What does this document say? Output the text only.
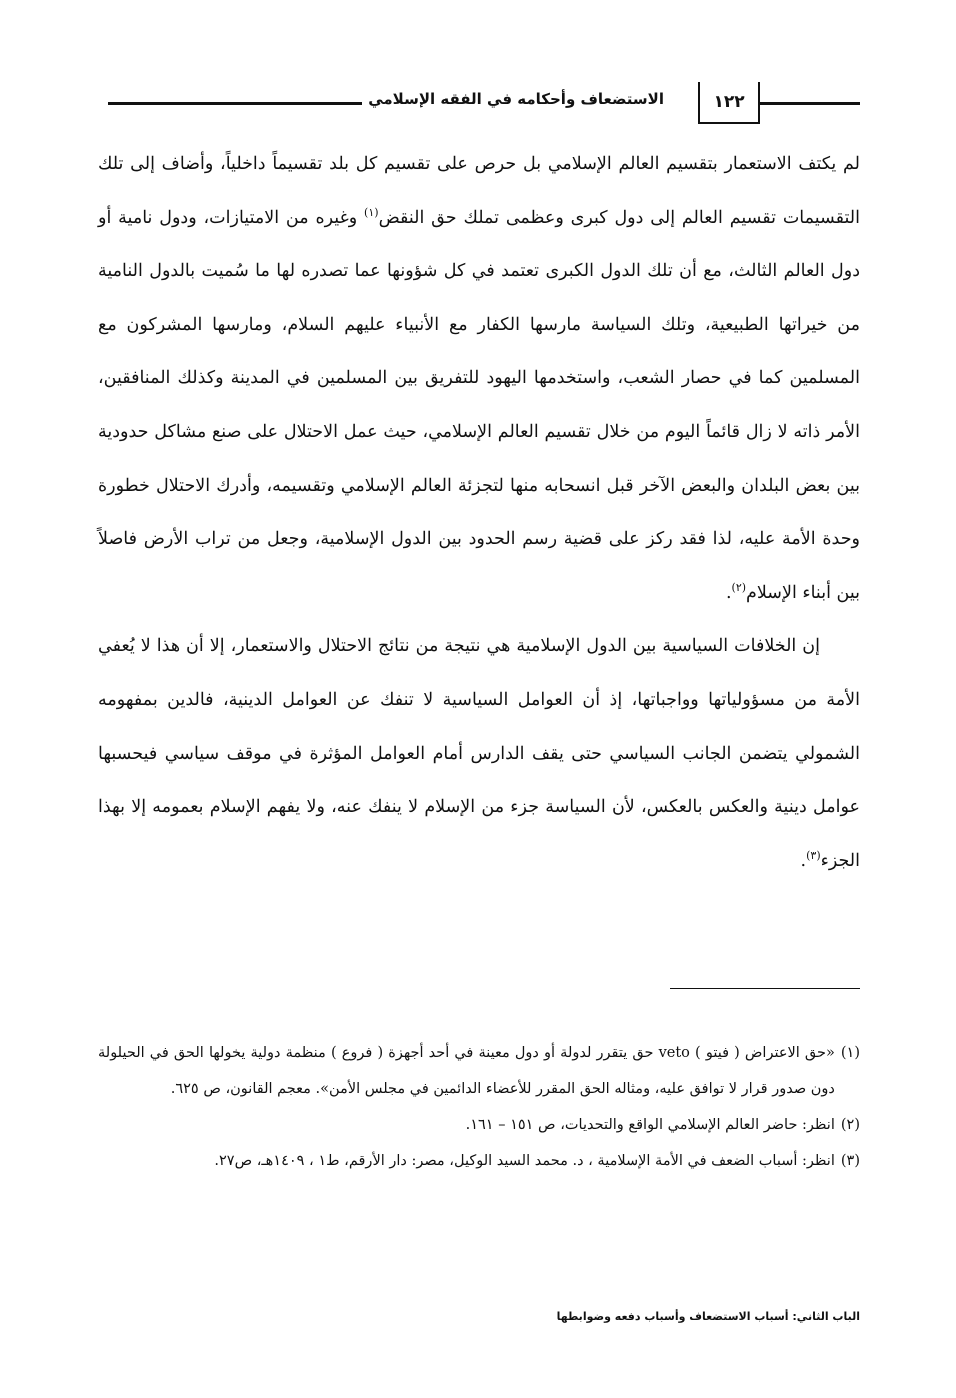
الاستضعاف وأحكامه في الفقه الإسلامي	١٢٢

لم يكتف الاستعمار بتقسيم العالم الإسلامي بل حرص على تقسيم كل بلد تقسيماً داخلياً، وأضاف إلى تلك التقسيمات تقسيم العالم إلى دول كبرى وعظمى تملك حق النقض$^{(١)}$ وغيره من الامتيازات، ودول نامية أو دول العالم الثالث، مع أن تلك الدول الكبرى تعتمد في كل شؤونها عما تصدره لها ما سُميت بالدول النامية من خيراتها الطبيعية، وتلك السياسة مارسها الكفار مع الأنبياء عليهم السلام، ومارسها المشركون مع المسلمين كما في حصار الشعب، واستخدمها اليهود للتفريق بين المسلمين في المدينة وكذلك المنافقين، الأمر ذاته لا زال قائماً اليوم من خلال تقسيم العالم الإسلامي، حيث عمل الاحتلال على صنع مشاكل حدودية بين بعض البلدان والبعض الآخر قبل انسحابه منها لتجزئة العالم الإسلامي وتقسيمه، وأدرك الاحتلال خطورة وحدة الأمة عليه، لذا فقد ركز على قضية رسم الحدود بين الدول الإسلامية، وجعل من تراب الأرض فاصلاً بين أبناء الإسلام$^{(٢)}$.

إن الخلافات السياسية بين الدول الإسلامية هي نتيجة من نتائج الاحتلال والاستعمار، إلا أن هذا لا يُعفي الأمة من مسؤولياتها وواجباتها، إذ أن العوامل السياسية لا تنفك عن العوامل الدينية، فالدين بمفهومه الشمولي يتضمن الجانب السياسي حتى يقف الدارس أمام العوامل المؤثرة في موقف سياسي فيحسبها عوامل دينية والعكس بالعكس، لأن السياسة جزء من الإسلام لا ينفك عنه، ولا يفهم الإسلام بعمومه إلا بهذا الجزء$^{(٣)}$.

(١)
«حق الاعتراض ( فيتو ) veto حق يتقرر لدولة أو دول معينة في أحد أجهزة ( فروع ) منظمة دولية يخولها الحق في الحيلولة دون صدور قرار لا توافق عليه، ومثاله الحق المقرر للأعضاء الدائمين في مجلس الأمن». معجم القانون، ص ٦٢٥.
(٢)
انظر: حاضر العالم الإسلامي الواقع والتحديات، ص ١٥١ – ١٦١.
(٣)
انظر: أسباب الضعف في الأمة الإسلامية ، د. محمد السيد الوكيل، مصر: دار الأرقم، ط١ ، ١٤٠٩هـ، ص٢٧.
الباب الثاني: أسباب الاستضعاف وأسباب دفعه وضوابطها
